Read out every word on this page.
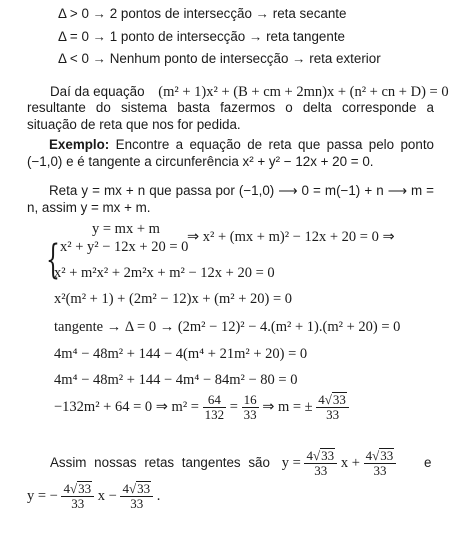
Δ > 0 → 2 pontos de intersecção → reta secante
Δ = 0 → 1 ponto de intersecção → reta tangente
Δ < 0 → Nenhum ponto de intersecção → reta exterior
Daí da equação (m² + 1)x² + (B + cm + 2mn)x + (n² + cn + D) = 0
resultante do sistema basta fazermos o delta corresponde a situação de reta que nos for pedida.
Exemplo: Encontre a equação de reta que passa pelo ponto (−1,0) e é tangente a circunferência x² + y² − 12x + 20 = 0.
Reta y = mx + n que passa por (−1,0) ⟶ 0 = m(−1) + n ⟶ m = n, assim y = mx + m.
{
y = mx + m
x² + y² − 12x + 20 = 0
⇒ x² + (mx + m)² − 12x + 20 = 0 ⇒
x² + m²x² + 2m²x + m² − 12x + 20 = 0
x²(m² + 1) + (2m² − 12)x + (m² + 20) = 0
tangente → Δ = 0 → (2m² − 12)² − 4.(m² + 1).(m² + 20) = 0
4m⁴ − 48m² + 144 − 4(m⁴ + 21m² + 20) = 0
4m⁴ − 48m² + 144 − 4m⁴ − 84m² − 80 = 0
−132m² + 64 = 0 ⇒ $m^2 = \frac{64}{132} = \frac{16}{33}$ ⇒ m = ± $\frac{4√33}{33}$
Assim nossas retas tangentes são $y = \frac{4√33}{33}$ $x + \frac{4√33}{33}$ e
y = − $\frac{4√33}{33}$ $x - \frac{4√33}{33}$ .
